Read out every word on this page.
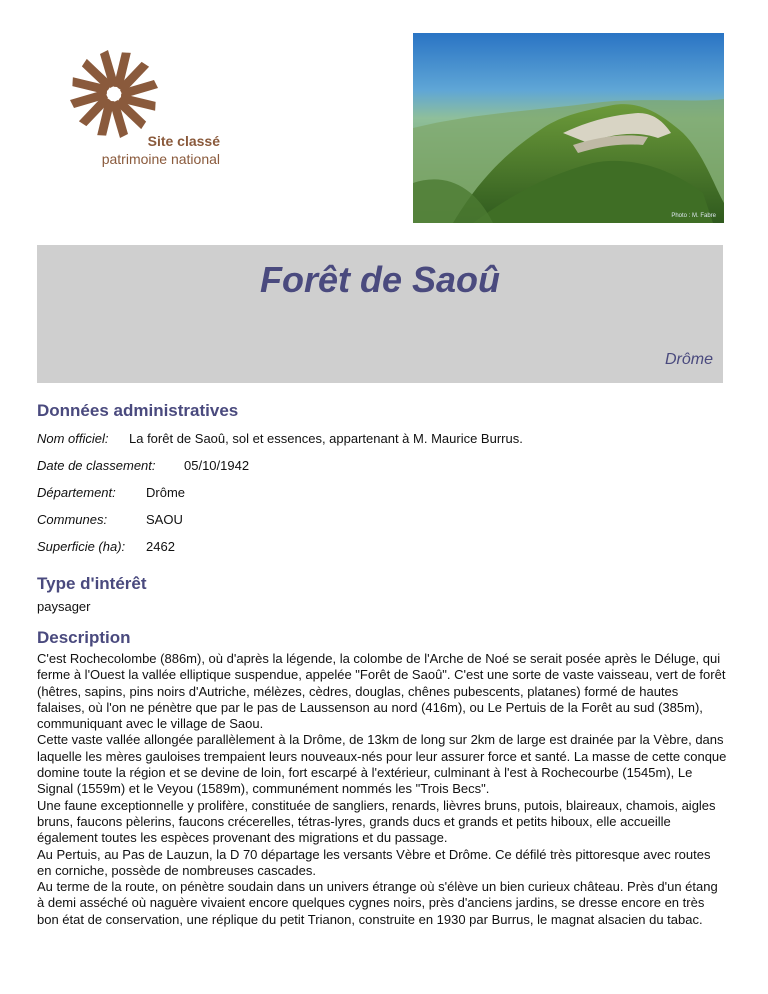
Site classé
patrimoine national
Photo : M. Fabre
Forêt de Saoû
Drôme
Données administratives
Nom officiel: La forêt de Saoû, sol et essences, appartenant à M. Maurice Burrus.
Date de classement: 05/10/1942
Département: Drôme
Communes:	SAOU
Superficie (ha): 2462
Type d'intérêt
paysager
Description

C'est Rochecolombe (886m), où d'après la légende, la colombe de l'Arche de Noé se serait posée après le Déluge, qui ferme à l'Ouest la vallée elliptique suspendue, appelée "Forêt de Saoû". C'est une sorte de vaste vaisseau, vert de forêt (hêtres, sapins, pins noirs d'Autriche, mélèzes, cèdres, douglas, chênes pubescents, platanes) formé de hautes falaises, où l'on ne pénètre que par le pas de Laussenson au nord (416m), ou Le Pertuis de la Forêt au sud (385m), communiquant avec le village de Saou.

Cette vaste vallée allongée parallèlement à la Drôme, de 13km de long sur 2km de large est drainée par la Vèbre, dans laquelle les mères gauloises trempaient leurs nouveaux-nés pour leur assurer force et santé. La masse de cette conque domine toute la région et se devine de loin, fort escarpé à l'extérieur, culminant à l'est à Rochecourbe (1545m), Le Signal (1559m) et le Veyou (1589m), communément nommés les "Trois Becs".

Une faune exceptionnelle y prolifère, constituée de sangliers, renards, lièvres bruns, putois, blaireaux, chamois, aigles bruns, faucons pèlerins, faucons crécerelles, tétras-lyres, grands ducs et grands et petits hiboux, elle accueille également toutes les espèces provenant des migrations et du passage.

Au Pertuis, au Pas de Lauzun, la D 70 départage les versants Vèbre et Drôme. Ce défilé très pittoresque avec routes en corniche, possède de nombreuses cascades.

Au terme de la route, on pénètre soudain dans un univers étrange où s'élève un bien curieux château. Près d'un étang à demi asséché où naguère vivaient encore quelques cygnes noirs, près d'anciens jardins, se dresse encore en très bon état de conservation, une réplique du petit Trianon, construite en 1930 par Burrus, le magnat alsacien du tabac.
